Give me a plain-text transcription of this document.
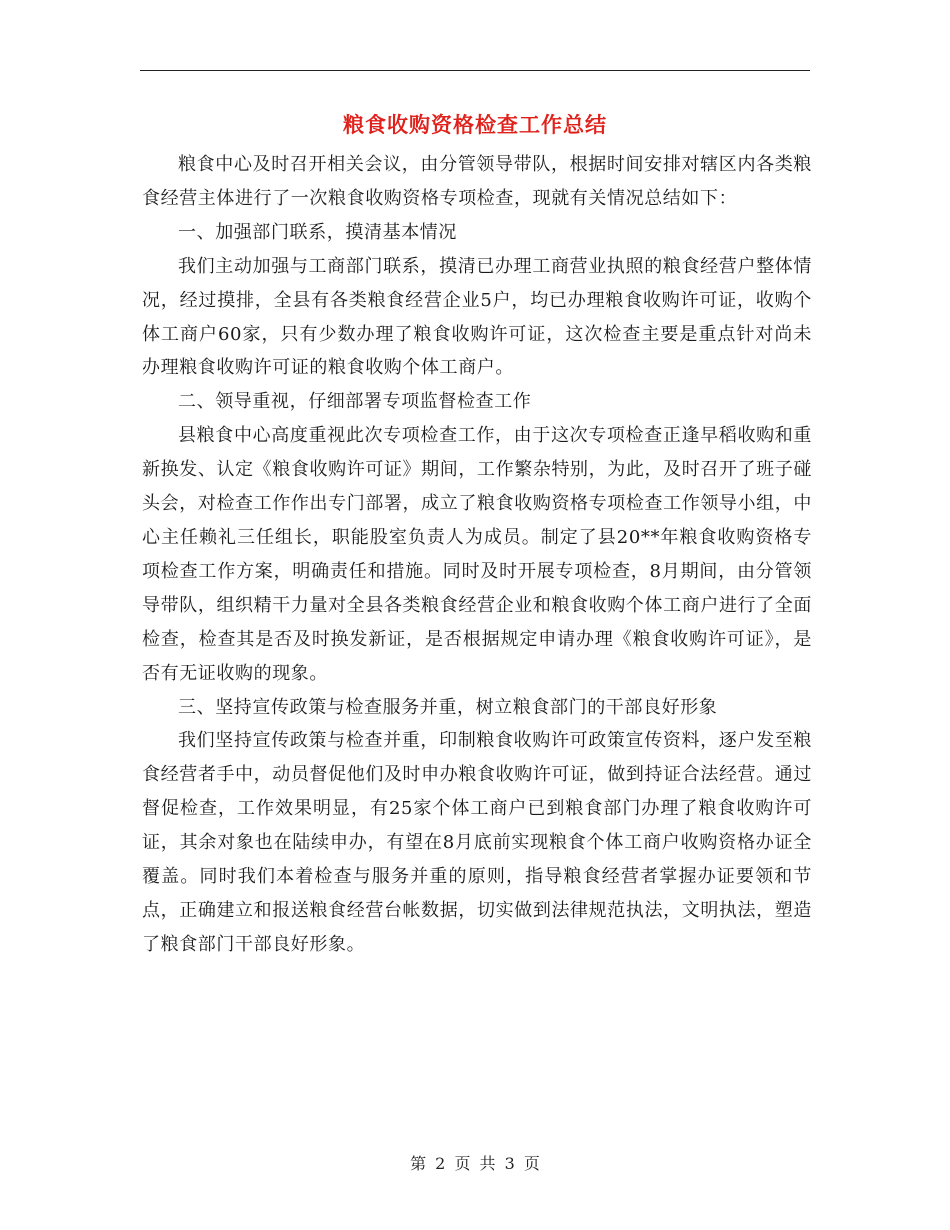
粮食收购资格检查工作总结

粮食中心及时召开相关会议，由分管领导带队，根据时间安排对辖区内各类粮食经营主体进行了一次粮食收购资格专项检查，现就有关情况总结如下：

一、加强部门联系，摸清基本情况

我们主动加强与工商部门联系，摸清已办理工商营业执照的粮食经营户整体情况，经过摸排，全县有各类粮食经营企业5户，均已办理粮食收购许可证，收购个体工商户60家，只有少数办理了粮食收购许可证，这次检查主要是重点针对尚未办理粮食收购许可证的粮食收购个体工商户。

二、领导重视，仔细部署专项监督检查工作

县粮食中心高度重视此次专项检查工作，由于这次专项检查正逢早稻收购和重新换发、认定《粮食收购许可证》期间，工作繁杂特别，为此，及时召开了班子碰头会，对检查工作作出专门部署，成立了粮食收购资格专项检查工作领导小组，中心主任赖礼三任组长，职能股室负责人为成员。制定了县20**年粮食收购资格专项检查工作方案，明确责任和措施。同时及时开展专项检查，8月期间，由分管领导带队，组织精干力量对全县各类粮食经营企业和粮食收购个体工商户进行了全面检查，检查其是否及时换发新证，是否根据规定申请办理《粮食收购许可证》，是否有无证收购的现象。

三、坚持宣传政策与检查服务并重，树立粮食部门的干部良好形象

我们坚持宣传政策与检查并重，印制粮食收购许可政策宣传资料，逐户发至粮食经营者手中，动员督促他们及时申办粮食收购许可证，做到持证合法经营。通过督促检查，工作效果明显，有25家个体工商户已到粮食部门办理了粮食收购许可证，其余对象也在陆续申办，有望在8月底前实现粮食个体工商户收购资格办证全覆盖。同时我们本着检查与服务并重的原则，指导粮食经营者掌握办证要领和节点，正确建立和报送粮食经营台帐数据，切实做到法律规范执法，文明执法，塑造了粮食部门干部良好形象。

第 2 页 共 3 页
